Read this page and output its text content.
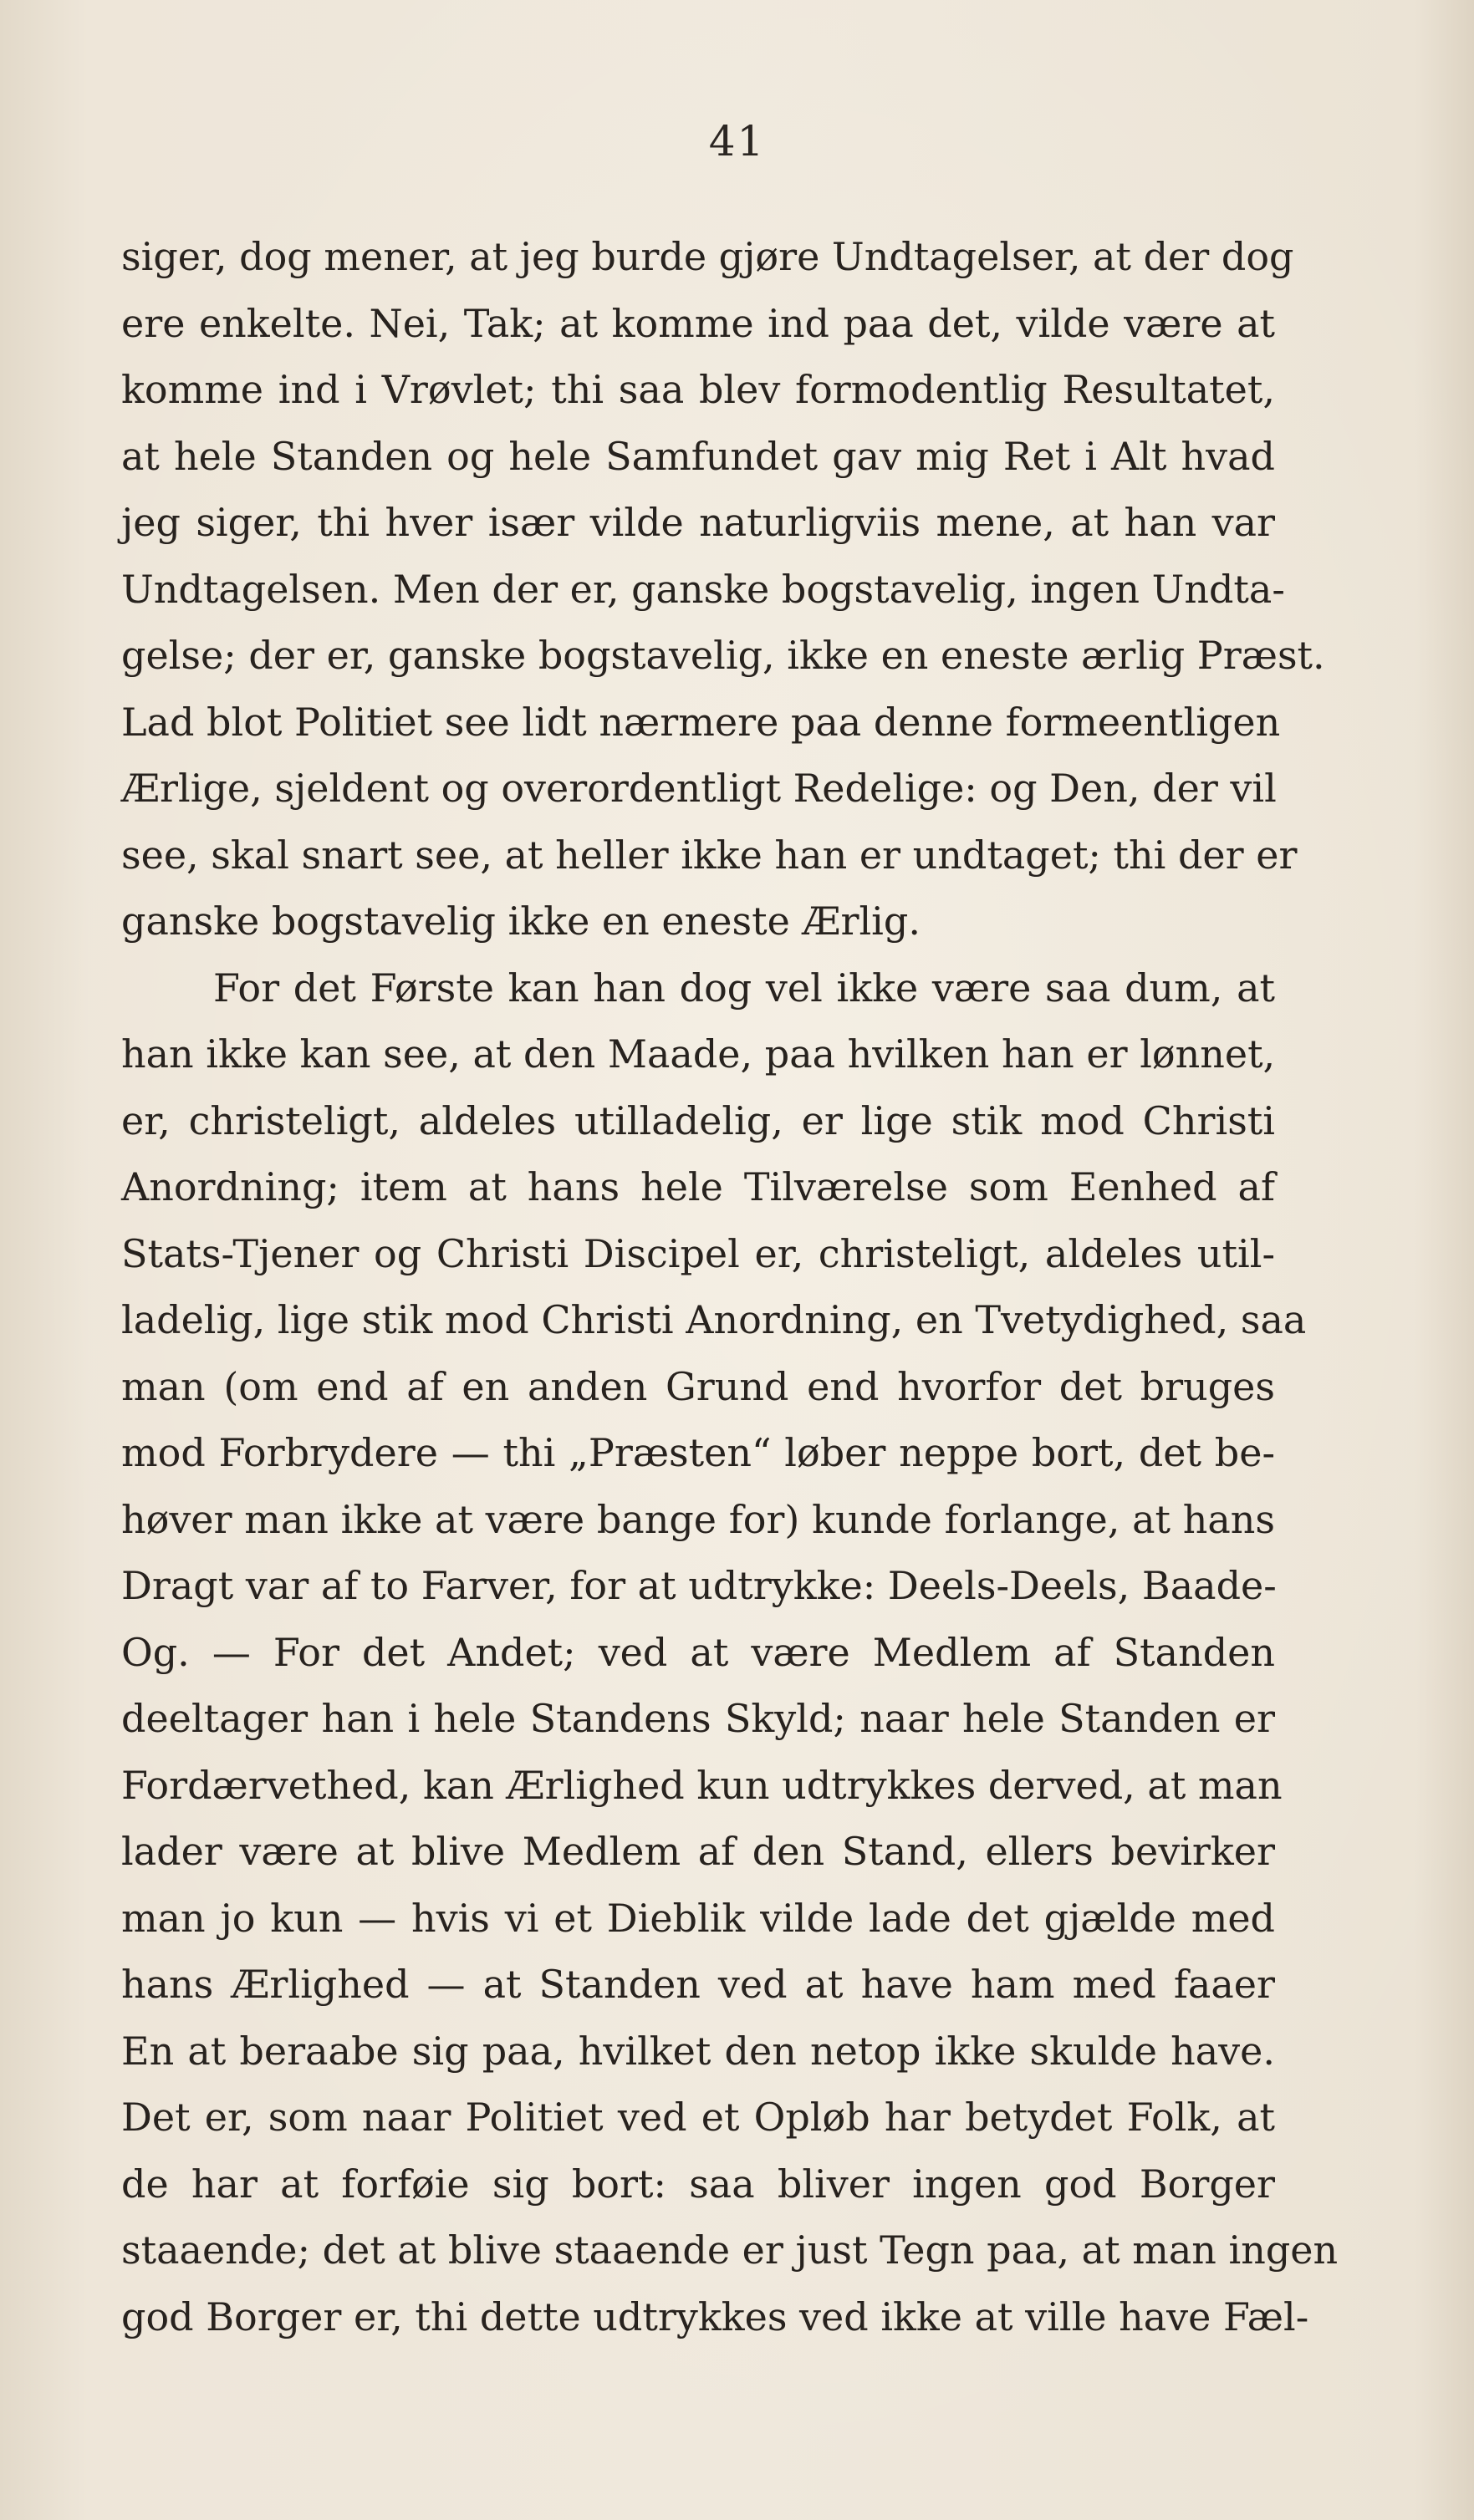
41
siger, dog mener, at jeg burde gjøre Undtagelser, at der dog
ere enkelte. Nei, Tak; at komme ind paa det, vilde være at
komme ind i Vrøvlet; thi saa blev formodentlig Resultatet,
at hele Standen og hele Samfundet gav mig Ret i Alt hvad
jeg siger, thi hver især vilde naturligviis mene, at han var
Undtagelsen. Men der er, ganske bogstavelig, ingen Undta-
gelse; der er, ganske bogstavelig, ikke en eneste ærlig Præst.
Lad blot Politiet see lidt nærmere paa denne formeentligen
Ærlige, sjeldent og overordentligt Redelige: og Den, der vil
see, skal snart see, at heller ikke han er undtaget; thi der er
ganske bogstavelig ikke en eneste Ærlig.
For det Første kan han dog vel ikke være saa dum, at
han ikke kan see, at den Maade, paa hvilken han er lønnet,
er, christeligt, aldeles utilladelig, er lige stik mod Christi
Anordning; item at hans hele Tilværelse som Eenhed af
Stats-Tjener og Christi Discipel er, christeligt, aldeles util-
ladelig, lige stik mod Christi Anordning, en Tvetydighed, saa
man (om end af en anden Grund end hvorfor det bruges
mod Forbrydere — thi „Præsten“ løber neppe bort, det be-
høver man ikke at være bange for) kunde forlange, at hans
Dragt var af to Farver, for at udtrykke: Deels-Deels, Baade-
Og. — For det Andet; ved at være Medlem af Standen
deeltager han i hele Standens Skyld; naar hele Standen er
Fordærvethed, kan Ærlighed kun udtrykkes derved, at man
lader være at blive Medlem af den Stand, ellers bevirker
man jo kun — hvis vi et Dieblik vilde lade det gjælde med
hans Ærlighed — at Standen ved at have ham med faaer
En at beraabe sig paa, hvilket den netop ikke skulde have.
Det er, som naar Politiet ved et Opløb har betydet Folk, at
de har at forføie sig bort: saa bliver ingen god Borger
staaende; det at blive staaende er just Tegn paa, at man ingen
god Borger er, thi dette udtrykkes ved ikke at ville have Fæl-
